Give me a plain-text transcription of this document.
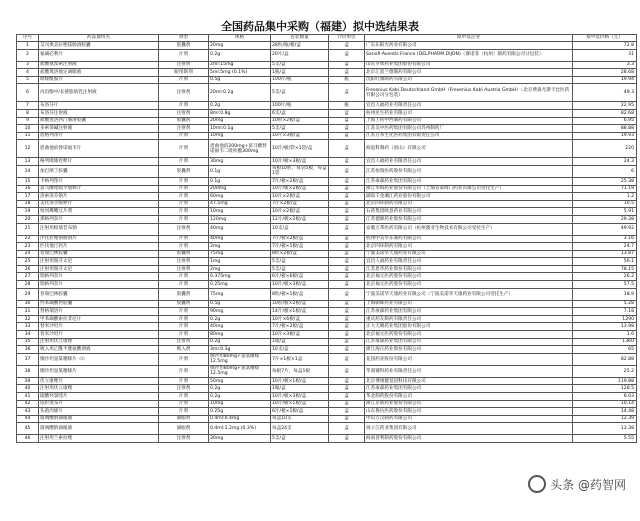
全国药品集中采购（福建）拟中选结果表
序号	药品通用名	剂型	规格	包装数量	计价单位	拟中选企业	拟中选价格（元）
1	艾司奥美拉唑镁肠溶胶囊	胶囊剂	20mg	28粒/瓶/板/盒	盒	广东东阳光药业有限公司	72.8
2	氨磺必利片	片剂	0.2g	20片/盒	盒	Sanofi-Aventis France (DELPHARM DIJON)（赛诺菲（杭州）制药有限公司分包装）	31
3	盐酸氨溴索注射液	注射剂	2ml:15mg	5支/盒	盒	山东罗欣药业集团股份有限公司	3.3
4	盐酸奥洛他定滴眼液	眼用制剂	5ml:5mg (0.1%)	1瓶/盒	盒	北京汇恩兰德制药有限公司	28.68
5	吡嗪酰胺片	片剂	0.5g	100片/瓶	瓶	沈阳红旗制药有限公司	19.94
6	丙泊酚中/长链脂肪乳注射液	注射剂	20ml:0.2g	5支/盒	盒	Fresenius Kabi Deutschland GmbH（Fresenius Kabi Austria GmbH）（北京费森尤斯卡比医药有限公司分包装）	49.3
7	布洛芬片	片剂	0.2g	100片/瓶	瓶	宜昌人福药业有限责任公司	22.95
8	布洛芬注射液	注射剂	8ml:0.8g	6支/盒	盒	杭州民生药业有限公司	82.68
9	盐酸度洛西汀肠溶胶囊	胶囊剂	20mg	10粒×2板/盒	盒	上海上药中西制药有限公司	6.95
10	多索茶碱注射液	注射剂	10ml:0.1g	5支/盒	盒	江苏吴中医药集团有限公司苏州制药厂	88.88
11	恩格列净片	片剂	10mg	10片×3板/盒	盒	江苏万邦生化医药集团有限责任公司	19.93
12	恩曲他滨替诺福韦片	片剂	恩曲他滨200mg+富马酸替诺福韦二吡呋酯300mg	10片/板/袋×1袋/盒	盒	海思科制药（眉山）有限公司	220
13	格列吡嗪控释片	片剂	30mg	10片/板×3板/盒	盒	宜昌人福药业有限责任公司	24.3
14	加巴喷丁胶囊	胶囊剂	0.1g	每板10粒，每袋5板，每盒1袋	盒	江苏恒瑞医药股份有限公司	6
15	卡格列净片	片剂	0.1g	7片/板×2板/盒	盒	江苏豪森药业集团有限公司	25.38
16	富马酸喹硫平缓释片	片剂	200mg	10片/板×2板/盒	盒	浙江华海药业股份有限公司（上海宣泰海门药业有限公司受托生产）	71.19
17	洛索洛芬钠片	片剂	60mg	10片×2板/盒	盒	湖南千金湘江药业股份有限公司	1.2
18	美托洛尔缓释片	片剂	47.5mg	7片×2板/盒	盒	北京四环制药有限公司	10.5
19	恒河鹰嘴豆片剂	片剂	10mg	10片×2板/盒	盒	石药集团欧意药业有限公司	5.91
20	那格列奈片	片剂	120mg	12片/板×2板/盒	盒	江苏德源药业股份有限公司	29.38
21	注射用帕瑞昔布钠	注射剂	40mg	10支/盒	盒	安徽万邦医药有限公司（杭州澳亚生物技术有限公司受托生产）	49.92
22	泮托拉唑钠肠溶片	片剂	40mg	7片/板×2板/盒	盒	杭州中美华东制药有限公司	3.16
23	匹伐他汀钙片	片剂	2mg	7片/板×1板/盒	盒	北京四环制药有限公司	24.7
24	普瑞巴林胶囊	胶囊剂	75mg	8粒×2板/盒	盒	宁波美诺华天康药业有限公司	13.87
25	注射用瑞芬太尼	注射剂	1mg	5支/盒	盒	宜昌人福药业有限责任公司	56.1
26	注射用瑞芬太尼	注射剂	2mg	5支/盒	盒	江苏恩华药业股份有限公司	78.15
27	瑞格列奈片	片剂	0.375mg	6片/板×6板/盒	盒	北京福元医药股份有限公司	26.2
28	瑞格列奈片	片剂	0.25mg	10片/板×3板/盒	盒	北京福元医药股份有限公司	57.5
29	普瑞巴林胶囊	胶囊剂	75mg	8粒/板×1板/盒	盒	宁波美诺华天康药业有限公司（宁波美诺华天康药业有限公司受托生产）	18.9
30	羟苯磺酸钙胶囊	胶囊剂	0.5g	10粒/板×2板/盒	盒	上海朝晖药业有限公司	5.28
31	替格瑞洛片	片剂	90mg	14片/板×1板/盒	盒	江苏豪森药业集团有限公司	7.18
32	甲苯磺酸索拉非尼片	片剂	0.2g	10片×6板/盒	盒	重庆药友制药有限责任公司	1290
33	替米沙坦片	片剂	40mg	7片/板×2板/盒	盒	正大天晴药业集团股份有限公司	13.98
34	普米沙坦片	片剂	80mg	10片×3板/盒	盒	北京福元医药股份有限公司	1.6
35	注射用伏立康唑	注射剂	0.2g	1瓶/盒	盒	江苏豪森药业集团有限公司	1360
36	吸入用乙酰半胱氨酸溶液	吸入剂	3ml:0.3g	10支/盒	盒	浙江海正药业股份有限公司	65
37	缬沙坦氢氯噻嗪片（Ⅰ）	片剂	缬沙坦80mg+氢氯噻嗪12.5mg	7片×1板×1盒	盒	花园药业股份有限公司	82.88
38	缬沙坦氢氯噻嗪片	片剂	缬沙坦80mg+氢氯噻嗪12.5mg	每板7片，每盒1板	盒	华润赛科药业有限责任公司	25.2
39	伏立康唑片	片剂	50mg	10片/板×1板/盒	盒	北京博康健基因科技有限公司	119.88
40	注射用伏立康唑	注射剂	0.2g	1瓶/盒	盒	江苏豪森药业集团有限公司	128.5
41	硫酸羟氯喹片	片剂	0.2g	10片/板×3板/盒	盒	华北制药股份有限公司	6.03
42	依折麦布片	片剂	10mg	10片/板×1板/盒	盒	浙江京新药业股份有限公司	10.14
43	头孢丙烯片	片剂	0.25g	6片/板×1板/盒	盒	山东鲁抗医药股份有限公司	14.48
44	玻璃酸钠滴眼液	滴眼剂	0.4ml:0.4mg	每盒10支	盒	中山万汉制药有限公司	12.39
45	玻璃酸钠滴眼液	滴眼剂	0.4ml:1.2mg (0.3%)	每盒24支	盒	扬子江药业集团有限公司	13.38
46	注射用兰索拉唑	注射剂	30mg	5支/盒	盒	海南普利制药股份有限公司	5.55
头条 @药智网
